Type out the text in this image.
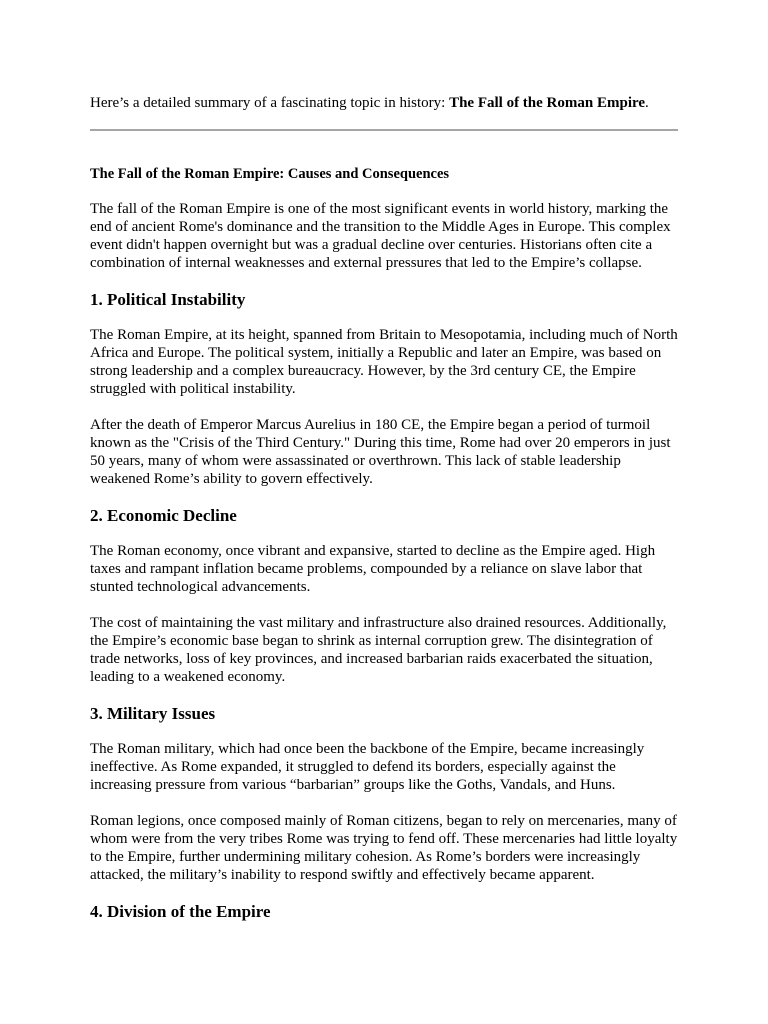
Here’s a detailed summary of a fascinating topic in history: The Fall of the Roman Empire.

The Fall of the Roman Empire: Causes and Consequences

The fall of the Roman Empire is one of the most significant events in world history, marking the end of ancient Rome's dominance and the transition to the Middle Ages in Europe. This complex event didn't happen overnight but was a gradual decline over centuries. Historians often cite a combination of internal weaknesses and external pressures that led to the Empire’s collapse.

1. Political Instability

The Roman Empire, at its height, spanned from Britain to Mesopotamia, including much of North Africa and Europe. The political system, initially a Republic and later an Empire, was based on strong leadership and a complex bureaucracy. However, by the 3rd century CE, the Empire struggled with political instability.

After the death of Emperor Marcus Aurelius in 180 CE, the Empire began a period of turmoil known as the "Crisis of the Third Century." During this time, Rome had over 20 emperors in just 50 years, many of whom were assassinated or overthrown. This lack of stable leadership weakened Rome’s ability to govern effectively.

2. Economic Decline

The Roman economy, once vibrant and expansive, started to decline as the Empire aged. High taxes and rampant inflation became problems, compounded by a reliance on slave labor that stunted technological advancements.

The cost of maintaining the vast military and infrastructure also drained resources. Additionally, the Empire’s economic base began to shrink as internal corruption grew. The disintegration of trade networks, loss of key provinces, and increased barbarian raids exacerbated the situation, leading to a weakened economy.

3. Military Issues

The Roman military, which had once been the backbone of the Empire, became increasingly ineffective. As Rome expanded, it struggled to defend its borders, especially against the increasing pressure from various “barbarian” groups like the Goths, Vandals, and Huns.

Roman legions, once composed mainly of Roman citizens, began to rely on mercenaries, many of whom were from the very tribes Rome was trying to fend off. These mercenaries had little loyalty to the Empire, further undermining military cohesion. As Rome’s borders were increasingly attacked, the military’s inability to respond swiftly and effectively became apparent.

4. Division of the Empire
